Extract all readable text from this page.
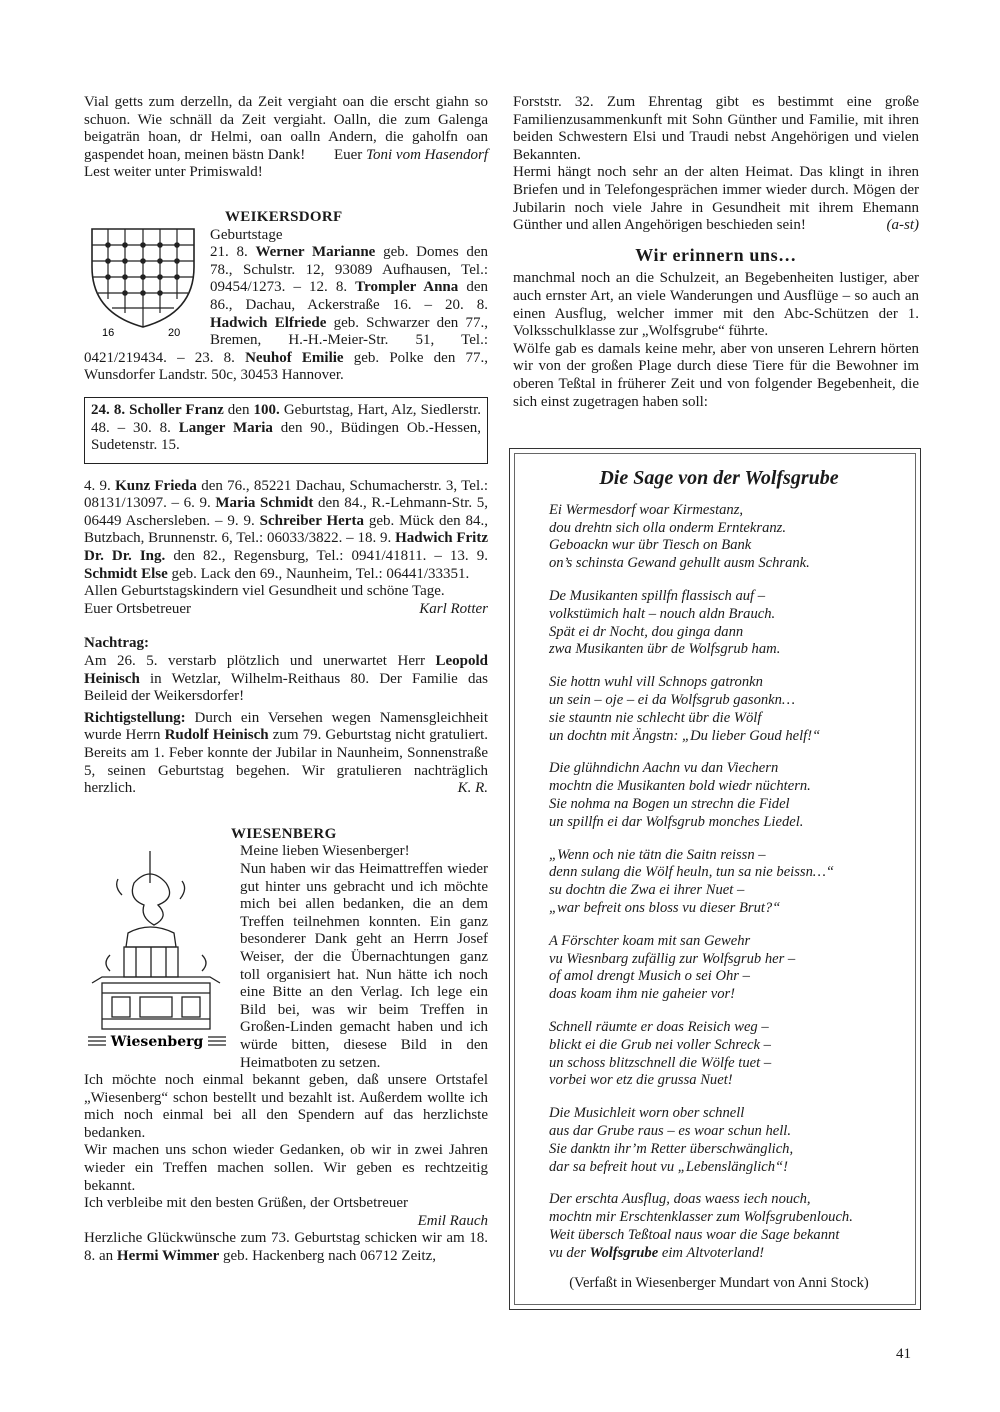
Vial getts zum derzelln, da Zeit vergiaht oan die erscht giahn so schuon. Wie schnäll da Zeit vergiaht. Oalln, die zum Galenga beigaträn hoan, dr Helmi, oan oalln Andern, die gaholfn oan gaspendet hoan, meinen bästn Dank! Euer Toni vom Hasendorf

Lest weiter unter Primiswald!

WEIKERSDORF
16	20
Geburtstage

21. 8. Werner Marianne geb. Domes den 78., Schulstr. 12, 93089 Aufhausen, Tel.: 09454/1273. – 12. 8. Trompler Anna den 86., Dachau, Ackerstraße 16. – 20. 8. Hadwich Elfriede geb. Schwarzer den 77., Bremen, H.-H.-Meier-Str. 51, Tel.: 0421/219434. – 23. 8. Neuhof Emilie geb. Polke den 77., Wunsdorfer Landstr. 50c, 30453 Hannover.

24. 8. Scholler Franz den 100. Geburtstag, Hart, Alz, Siedlerstr. 48. – 30. 8. Langer Maria den 90., Büdingen Ob.-Hessen, Sudetenstr. 15.

4. 9. Kunz Frieda den 76., 85221 Dachau, Schumacherstr. 3, Tel.: 08131/13097. – 6. 9. Maria Schmidt den 84., R.-Lehmann-Str. 5, 06449 Aschersleben. – 9. 9. Schreiber Herta geb. Mück den 84., Butzbach, Brunnenstr. 6, Tel.: 06033/3822. – 18. 9. Hadwich Fritz Dr. Dr. Ing. den 82., Regensburg, Tel.: 0941/41811. – 13. 9. Schmidt Else geb. Lack den 69., Naunheim, Tel.: 06441/33351.

Allen Geburtstagskindern viel Gesundheit und schöne Tage.

Euer Ortsbetreuer	Karl Rotter
Nachtrag:

Am 26. 5. verstarb plötzlich und unerwartet Herr Leopold Heinisch in Wetzlar, Wilhelm-Reithaus 80. Der Familie das Beileid der Weikersdorfer!

Richtigstellung: Durch ein Versehen wegen Namensgleichheit wurde Herrn Rudolf Heinisch zum 79. Geburtstag nicht gratuliert. Bereits am 1. Feber konnte der Jubilar in Naunheim, Sonnenstraße 5, seinen Geburtstag begehen. Wir gratulieren nachträglich herzlich.	K. R.

WIESENBERG
Wiesenberg
Meine lieben Wiesenberger!

Nun haben wir das Heimattreffen wieder gut hinter uns gebracht und ich möchte mich bei allen bedanken, die an dem Treffen teilnehmen konnten. Ein ganz besonderer Dank geht an Herrn Josef Weiser, der die Übernachtungen ganz toll organisiert hat. Nun hätte ich noch eine Bitte an den Verlag. Ich lege ein Bild bei, was wir beim Treffen in Großen-Linden gemacht haben und ich würde bitten, diesese Bild in den Heimatboten zu setzen.

Ich möchte noch einmal bekannt geben, daß unsere Ortstafel „Wiesenberg“ schon bestellt und bezahlt ist. Außerdem wollte ich mich noch einmal bei all den Spendern auf das herzlichste bedanken.

Wir machen uns schon wieder Gedanken, ob wir in zwei Jahren wieder ein Treffen machen sollen. Wir geben es rechtzeitig bekannt.

Ich verbleibe mit den besten Grüßen, der Ortsbetreuer

Emil Rauch

Herzliche Glückwünsche zum 73. Geburtstag schicken wir am 18. 8. an Hermi Wimmer geb. Hackenberg nach 06712 Zeitz,

Forststr. 32. Zum Ehrentag gibt es bestimmt eine große Familienzusammenkunft mit Sohn Günther und Familie, mit ihren beiden Schwestern Elsi und Traudi nebst Angehörigen und vielen Bekannten.

Hermi hängt noch sehr an der alten Heimat. Das klingt in ihren Briefen und in Telefongesprächen immer wieder durch. Mögen der Jubilarin noch viele Jahre in Gesundheit mit ihrem Ehemann Günther und allen Angehörigen beschieden sein!	(a-st)

Wir erinnern uns…

manchmal noch an die Schulzeit, an Begebenheiten lustiger, aber auch ernster Art, an viele Wanderungen und Ausflüge – so auch an einen Ausflug, welcher immer mit den Abc-Schützen der 1. Volksschulklasse zur „Wolfsgrube“ führte.

Wölfe gab es damals keine mehr, aber von unseren Lehrern hörten wir von der großen Plage durch diese Tiere für die Bewohner im oberen Teßtal in früherer Zeit und von folgender Begebenheit, die sich einst zugetragen haben soll:

Die Sage von der Wolfsgrube
Ei Wermesdorf woar Kirmestanz,
dou drehtn sich olla onderm Erntekranz.
Geboackn wur übr Tiesch on Bank
on’s schinsta Gewand gehullt ausm Schrank.
De Musikanten spillfn flassisch auf –
volkstümich halt – nouch aldn Brauch.
Spät ei dr Nocht, dou ginga dann
zwa Musikanten übr de Wolfsgrub ham.
Sie hottn wuhl vill Schnops gatronkn
un sein – oje – ei da Wolfsgrub gasonkn…
sie stauntn nie schlecht übr die Wölf
un dochtn mit Ängstn: „Du lieber Goud helf!“
Die glühndichn Aachn vu dan Viechern
mochtn die Musikanten bold wiedr nüchtern.
Sie nohma na Bogen un strechn die Fidel
un spillfn ei dar Wolfsgrub monches Liedel.
„Wenn och nie tätn die Saitn reissn –
denn sulang die Wölf heuln, tun sa nie beissn…“
su dochtn die Zwa ei ihrer Nuet –
„war befreit ons bloss vu dieser Brut?“
A Förschter koam mit san Gewehr
vu Wiesnbarg zufällig zur Wolfsgrub her –
of amol drengt Musich o sei Ohr –
doas koam ihm nie gaheier vor!
Schnell räumte er doas Reisich weg –
blickt ei die Grub nei voller Schreck –
un schoss blitzschnell die Wölfe tuet –
vorbei wor etz die grussa Nuet!
Die Musichleit worn ober schnell
aus dar Grube raus – es woar schun hell.
Sie danktn ihr’m Retter überschwänglich,
dar sa befreit hout vu „Lebenslänglich“!
Der erschta Ausflug, doas waess iech nouch,
mochtn mir Erschtenklasser zum Wolfsgrubenlouch.
Weit übersch Teßtoal naus woar die Sage bekannt
vu der Wolfsgrube eim Altvoterland!
(Verfaßt in Wiesenberger Mundart von Anni Stock)
41
